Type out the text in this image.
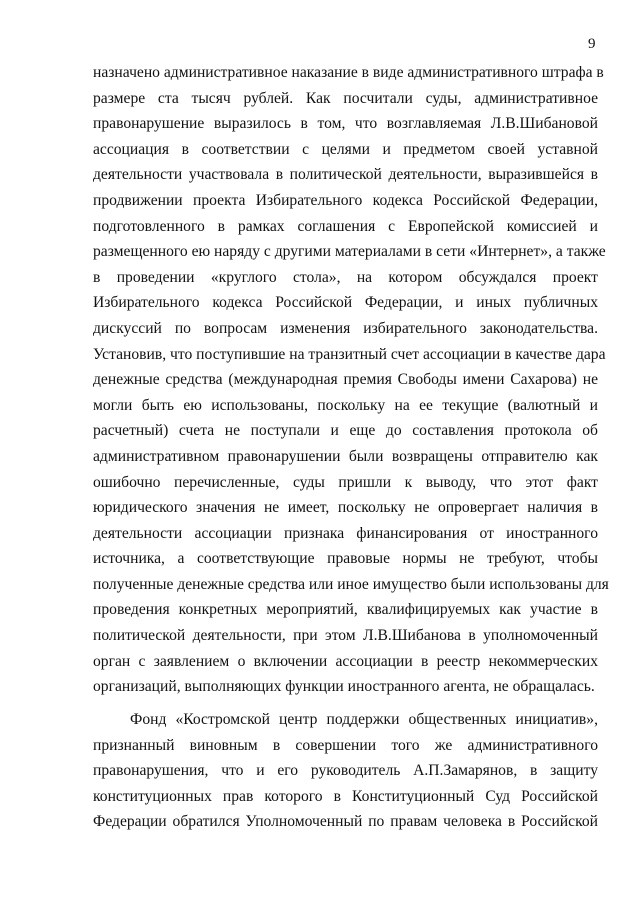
9
назначено административное наказание в виде административного штрафа в
размере ста тысяч рублей. Как посчитали суды, административное
правонарушение выразилось в том, что возглавляемая Л.В.Шибановой
ассоциация в соответствии с целями и предметом своей уставной
деятельности участвовала в политической деятельности, выразившейся в
продвижении проекта Избирательного кодекса Российской Федерации,
подготовленного в рамках соглашения с Европейской комиссией и
размещенного ею наряду с другими материалами в сети «Интернет», а также
в проведении «круглого стола», на котором обсуждался проект
Избирательного кодекса Российской Федерации, и иных публичных
дискуссий по вопросам изменения избирательного законодательства.
Установив, что поступившие на транзитный счет ассоциации в качестве дара
денежные средства (международная премия Свободы имени Сахарова) не
могли быть ею использованы, поскольку на ее текущие (валютный и
расчетный) счета не поступали и еще до составления протокола об
административном правонарушении были возвращены отправителю как
ошибочно перечисленные, суды пришли к выводу, что этот факт
юридического значения не имеет, поскольку не опровергает наличия в
деятельности ассоциации признака финансирования от иностранного
источника, а соответствующие правовые нормы не требуют, чтобы
полученные денежные средства или иное имущество были использованы для
проведения конкретных мероприятий, квалифицируемых как участие в
политической деятельности, при этом Л.В.Шибанова в уполномоченный
орган с заявлением о включении ассоциации в реестр некоммерческих
организаций, выполняющих функции иностранного агента, не обращалась.
Фонд «Костромской центр поддержки общественных инициатив»,
признанный виновным в совершении того же административного
правонарушения, что и его руководитель А.П.Замарянов, в защиту
конституционных прав которого в Конституционный Суд Российской
Федерации обратился Уполномоченный по правам человека в Российской
